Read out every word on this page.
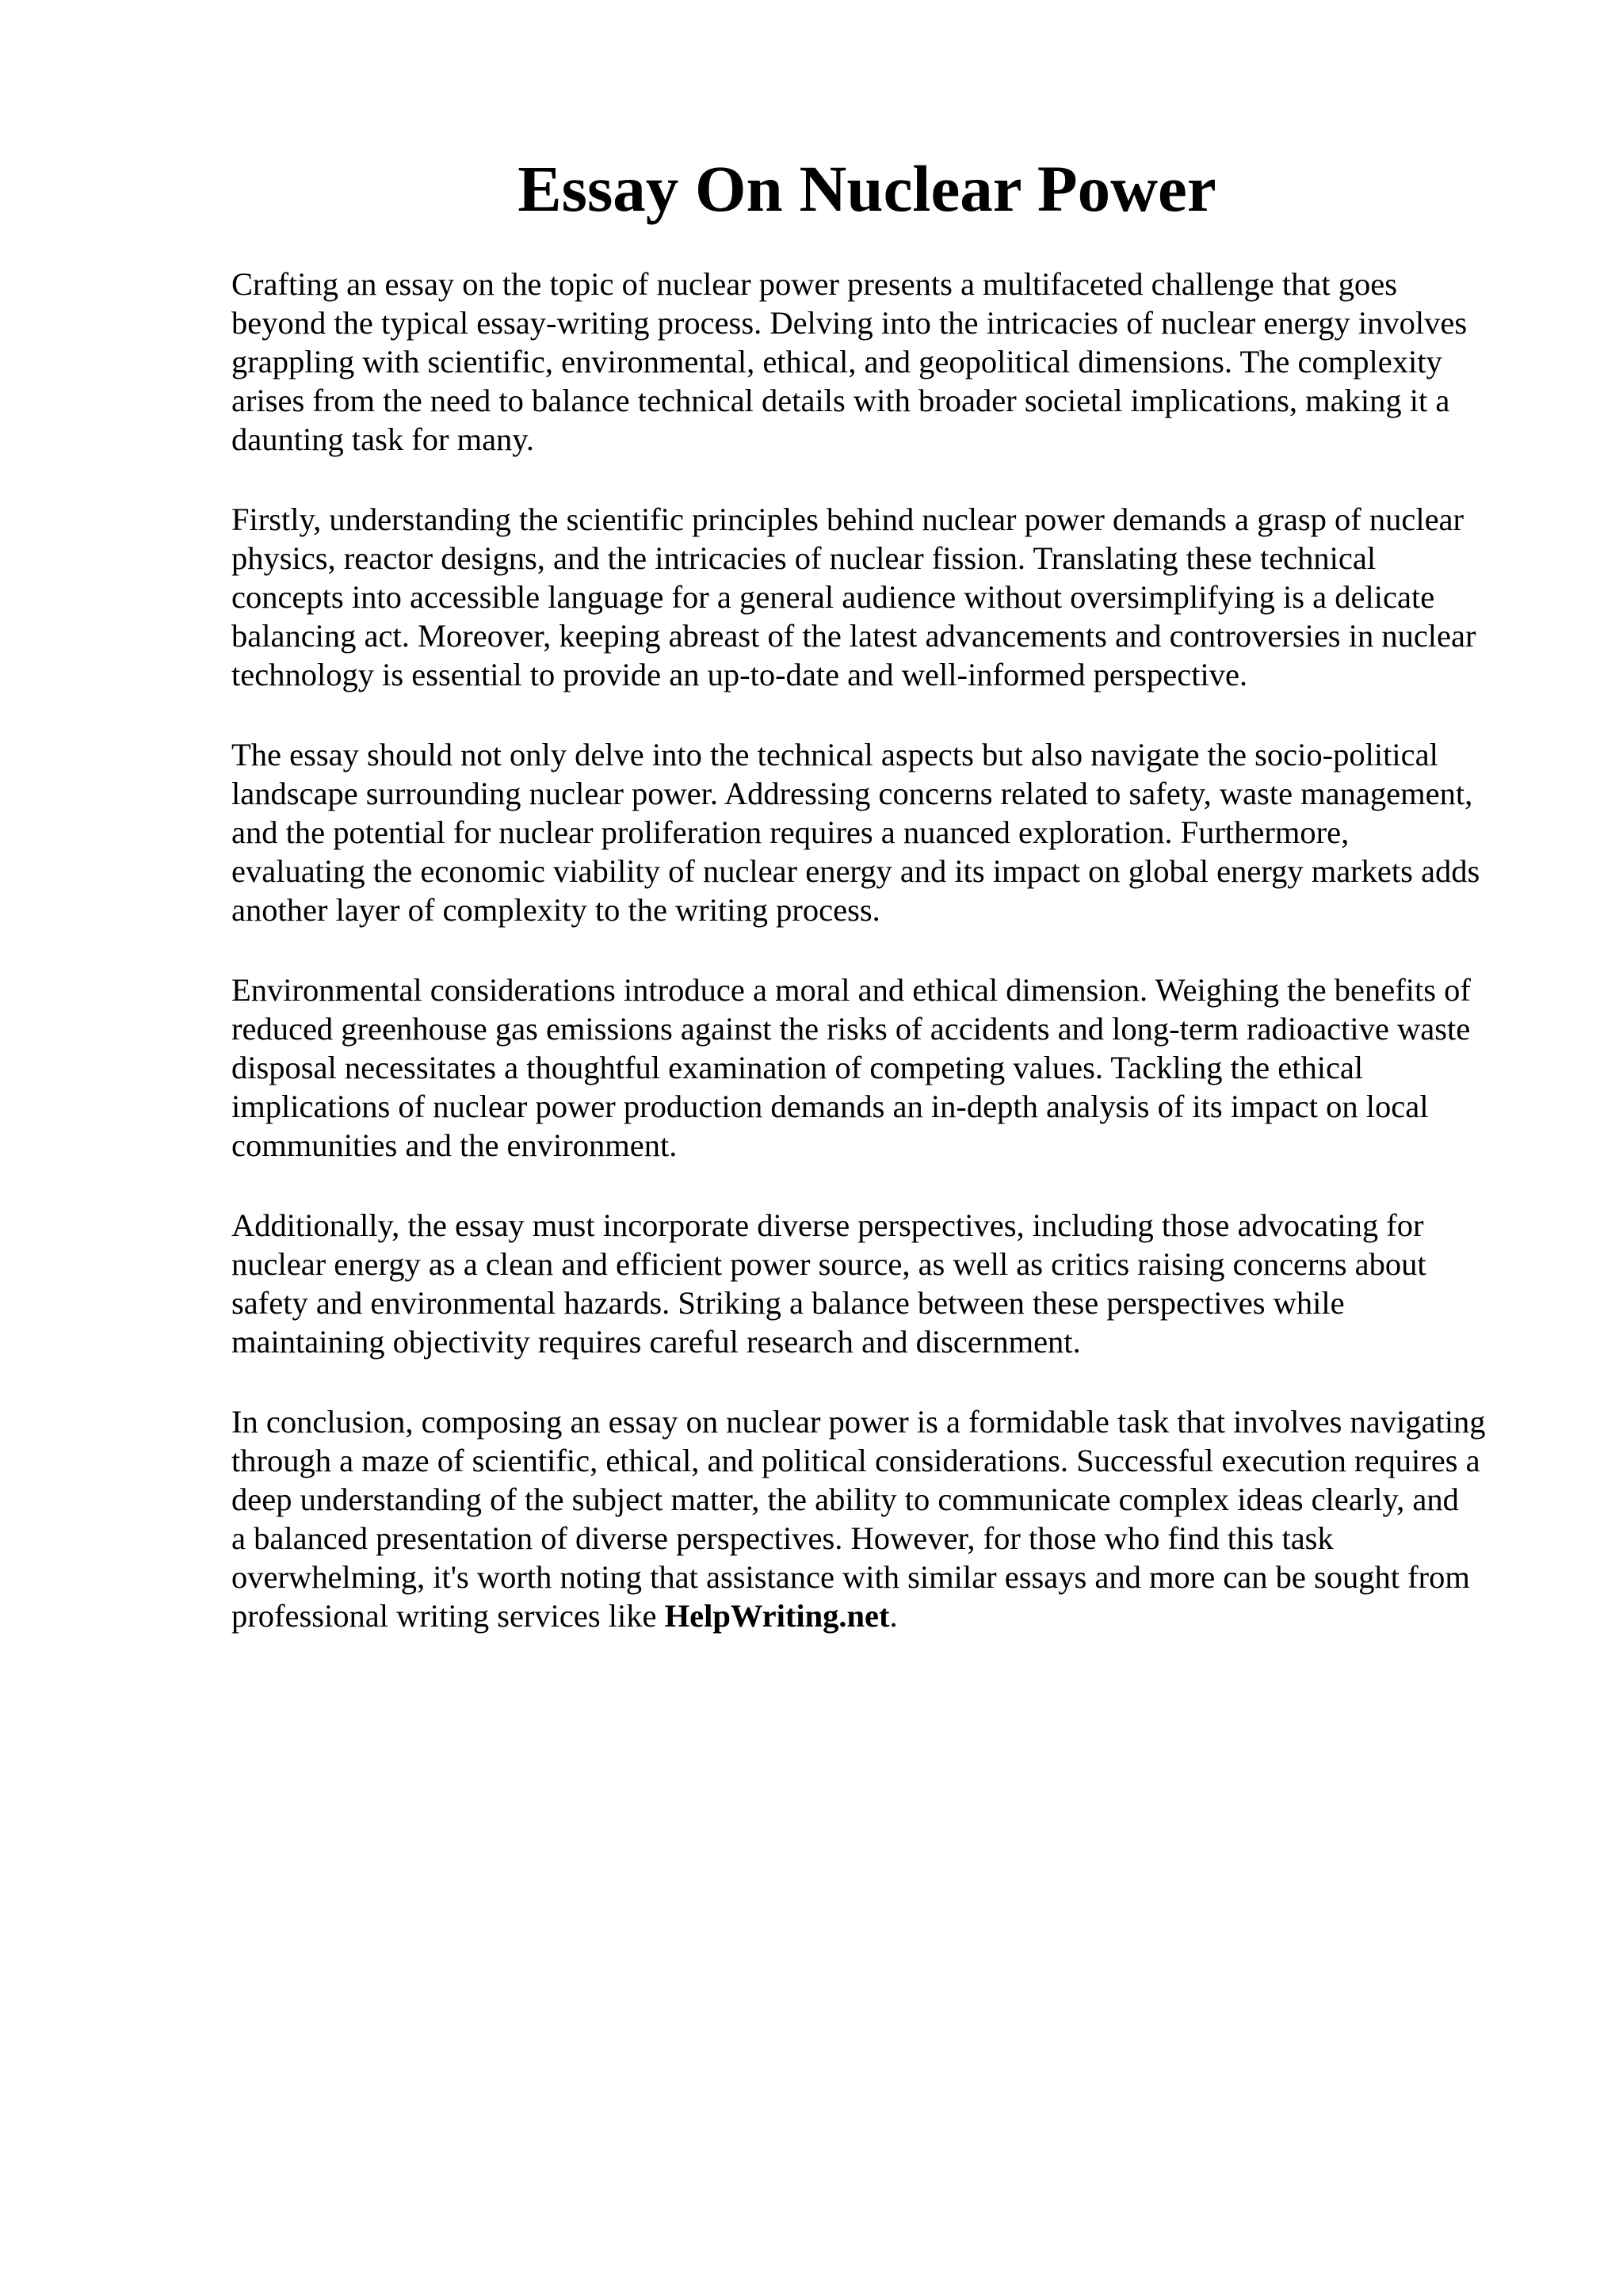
Essay On Nuclear Power

Crafting an essay on the topic of nuclear power presents a multifaceted challenge that goes
beyond the typical essay-writing process. Delving into the intricacies of nuclear energy involves
grappling with scientific, environmental, ethical, and geopolitical dimensions. The complexity
arises from the need to balance technical details with broader societal implications, making it a
daunting task for many.

Firstly, understanding the scientific principles behind nuclear power demands a grasp of nuclear
physics, reactor designs, and the intricacies of nuclear fission. Translating these technical
concepts into accessible language for a general audience without oversimplifying is a delicate
balancing act. Moreover, keeping abreast of the latest advancements and controversies in nuclear
technology is essential to provide an up-to-date and well-informed perspective.

The essay should not only delve into the technical aspects but also navigate the socio-political
landscape surrounding nuclear power. Addressing concerns related to safety, waste management,
and the potential for nuclear proliferation requires a nuanced exploration. Furthermore,
evaluating the economic viability of nuclear energy and its impact on global energy markets adds
another layer of complexity to the writing process.

Environmental considerations introduce a moral and ethical dimension. Weighing the benefits of
reduced greenhouse gas emissions against the risks of accidents and long-term radioactive waste
disposal necessitates a thoughtful examination of competing values. Tackling the ethical
implications of nuclear power production demands an in-depth analysis of its impact on local
communities and the environment.

Additionally, the essay must incorporate diverse perspectives, including those advocating for
nuclear energy as a clean and efficient power source, as well as critics raising concerns about
safety and environmental hazards. Striking a balance between these perspectives while
maintaining objectivity requires careful research and discernment.

In conclusion, composing an essay on nuclear power is a formidable task that involves navigating
through a maze of scientific, ethical, and political considerations. Successful execution requires a
deep understanding of the subject matter, the ability to communicate complex ideas clearly, and
a balanced presentation of diverse perspectives. However, for those who find this task
overwhelming, it's worth noting that assistance with similar essays and more can be sought from
professional writing services like HelpWriting.net.
